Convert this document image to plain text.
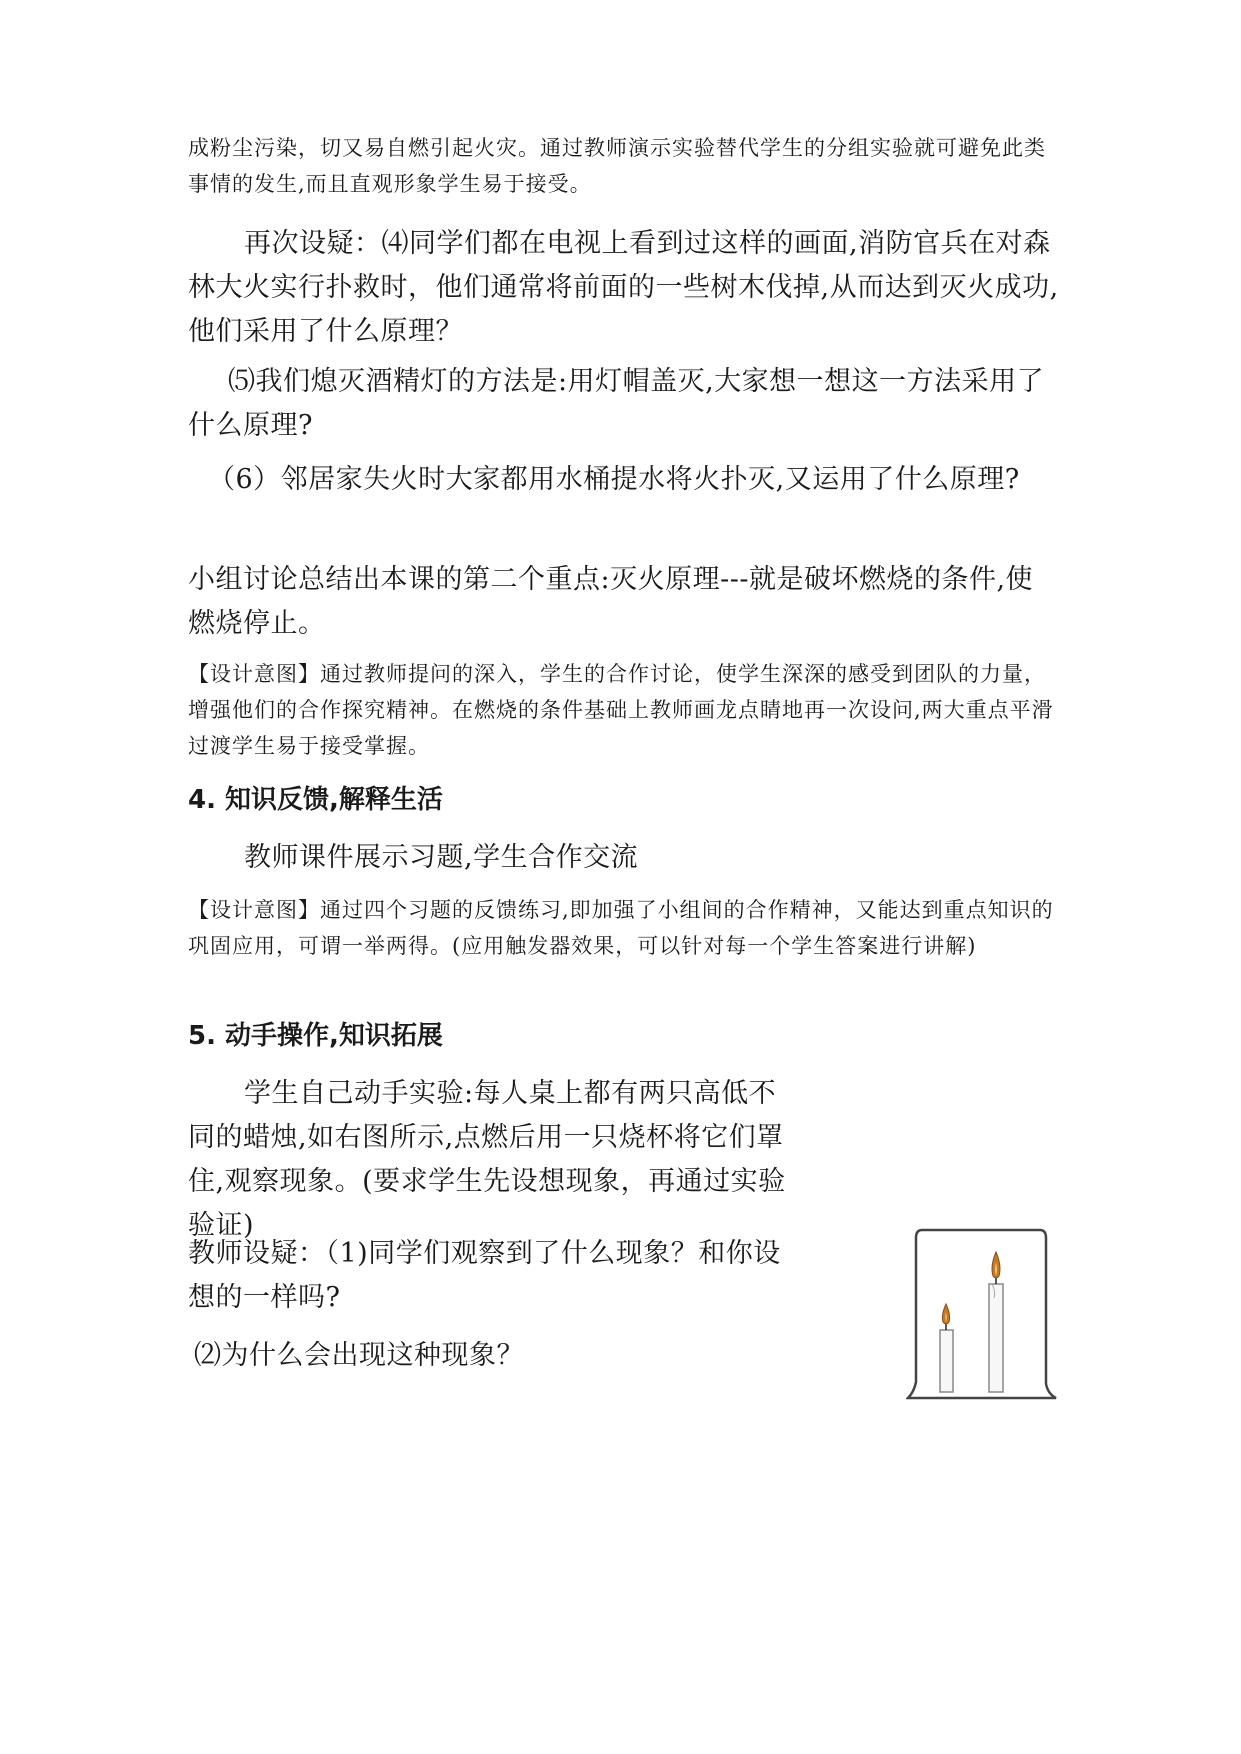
成粉尘污染，切又易自燃引起火灾。通过教师演示实验替代学生的分组实验就可避免此类事情的发生,而且直观形象学生易于接受。

再次设疑：⑷同学们都在电视上看到过这样的画面,消防官兵在对森林大火实行扑救时，他们通常将前面的一些树木伐掉,从而达到灭火成功,他们采用了什么原理？

⑸我们熄灭酒精灯的方法是:用灯帽盖灭,大家想一想这一方法采用了什么原理?

（6）邻居家失火时大家都用水桶提水将火扑灭,又运用了什么原理?

小组讨论总结出本课的第二个重点:灭火原理---就是破坏燃烧的条件,使燃烧停止。

【设计意图】通过教师提问的深入，学生的合作讨论，使学生深深的感受到团队的力量，增强他们的合作探究精神。在燃烧的条件基础上教师画龙点睛地再一次设问,两大重点平滑过渡学生易于接受掌握。

4. 知识反馈,解释生活

教师课件展示习题,学生合作交流

【设计意图】通过四个习题的反馈练习,即加强了小组间的合作精神，又能达到重点知识的巩固应用，可谓一举两得。(应用触发器效果，可以针对每一个学生答案进行讲解)

5. 动手操作,知识拓展

学生自己动手实验:每人桌上都有两只高低不同的蜡烛,如右图所示,点燃后用一只烧杯将它们罩住,观察现象。(要求学生先设想现象，再通过实验验证)

教师设疑：（1)同学们观察到了什么现象？和你设想的一样吗?

⑵为什么会出现这种现象？
